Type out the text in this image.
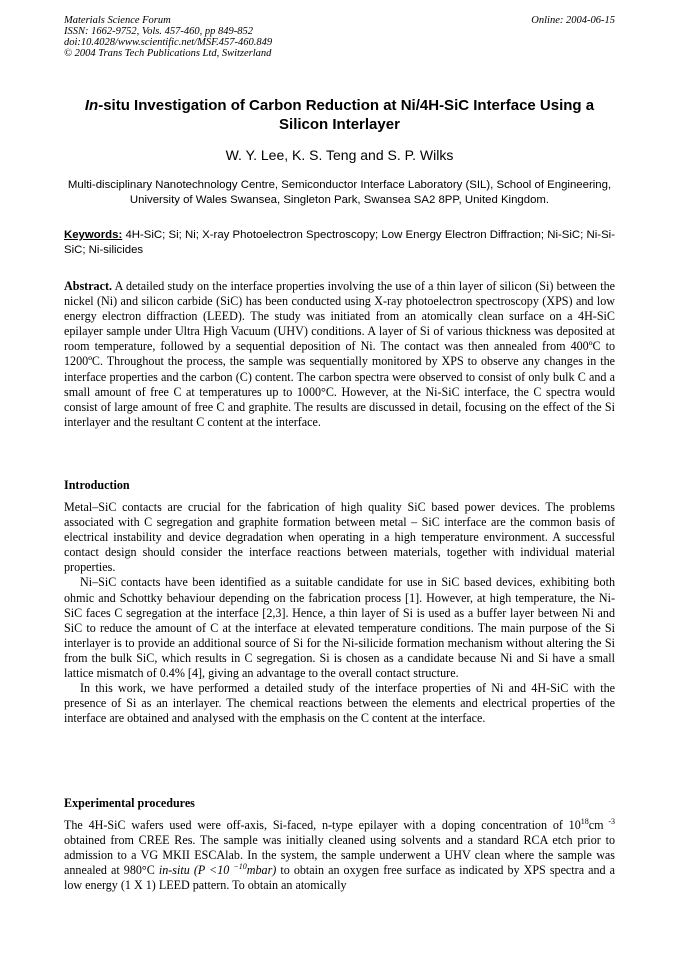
Materials Science Forum
ISSN: 1662-9752, Vols. 457-460, pp 849-852
doi:10.4028/www.scientific.net/MSF.457-460.849
© 2004 Trans Tech Publications Ltd, Switzerland
Online: 2004-06-15
In-situ Investigation of Carbon Reduction at Ni/4H-SiC Interface Using a Silicon Interlayer
W. Y. Lee, K. S. Teng and S. P. Wilks
Multi-disciplinary Nanotechnology Centre, Semiconductor Interface Laboratory (SIL), School of Engineering, University of Wales Swansea, Singleton Park, Swansea SA2 8PP, United Kingdom.
Keywords: 4H-SiC; Si; Ni; X-ray Photoelectron Spectroscopy; Low Energy Electron Diffraction; Ni-SiC; Ni-Si-SiC; Ni-silicides
Abstract. A detailed study on the interface properties involving the use of a thin layer of silicon (Si) between the nickel (Ni) and silicon carbide (SiC) has been conducted using X-ray photoelectron spectroscopy (XPS) and low energy electron diffraction (LEED). The study was initiated from an atomically clean surface on a 4H-SiC epilayer sample under Ultra High Vacuum (UHV) conditions. A layer of Si of various thickness was deposited at room temperature, followed by a sequential deposition of Ni. The contact was then annealed from 400ºC to 1200ºC. Throughout the process, the sample was sequentially monitored by XPS to observe any changes in the interface properties and the carbon (C) content. The carbon spectra were observed to consist of only bulk C and a small amount of free C at temperatures up to 1000°C. However, at the Ni-SiC interface, the C spectra would consist of large amount of free C and graphite. The results are discussed in detail, focusing on the effect of the Si interlayer and the resultant C content at the interface.
Introduction

Metal–SiC contacts are crucial for the fabrication of high quality SiC based power devices. The problems associated with C segregation and graphite formation between metal – SiC interface are the common basis of electrical instability and device degradation when operating in a high temperature environment. A successful contact design should consider the interface reactions between materials, together with individual material properties.

Ni–SiC contacts have been identified as a suitable candidate for use in SiC based devices, exhibiting both ohmic and Schottky behaviour depending on the fabrication process [1]. However, at high temperature, the Ni-SiC faces C segregation at the interface [2,3]. Hence, a thin layer of Si is used as a buffer layer between Ni and SiC to reduce the amount of C at the interface at elevated temperature conditions. The main purpose of the Si interlayer is to provide an additional source of Si for the Ni-silicide formation mechanism without altering the Si from the bulk SiC, which results in C segregation. Si is chosen as a candidate because Ni and Si have a small lattice mismatch of 0.4% [4], giving an advantage to the overall contact structure.

In this work, we have performed a detailed study of the interface properties of Ni and 4H-SiC with the presence of Si as an interlayer. The chemical reactions between the elements and electrical properties of the interface are obtained and analysed with the emphasis on the C content at the interface.

Experimental procedures

The 4H-SiC wafers used were off-axis, Si-faced, n-type epilayer with a doping concentration of $10^{18}cm$ $^{-3}$ obtained from CREE Res. The sample was initially cleaned using solvents and a standard RCA etch prior to admission to a VG MKII ESCAlab. In the system, the sample underwent a UHV clean where the sample was annealed at 980°C in-situ (P <10 $^{-10}$mbar) to obtain an oxygen free surface as indicated by XPS spectra and a low energy (1 X 1) LEED pattern. To obtain an atomically
